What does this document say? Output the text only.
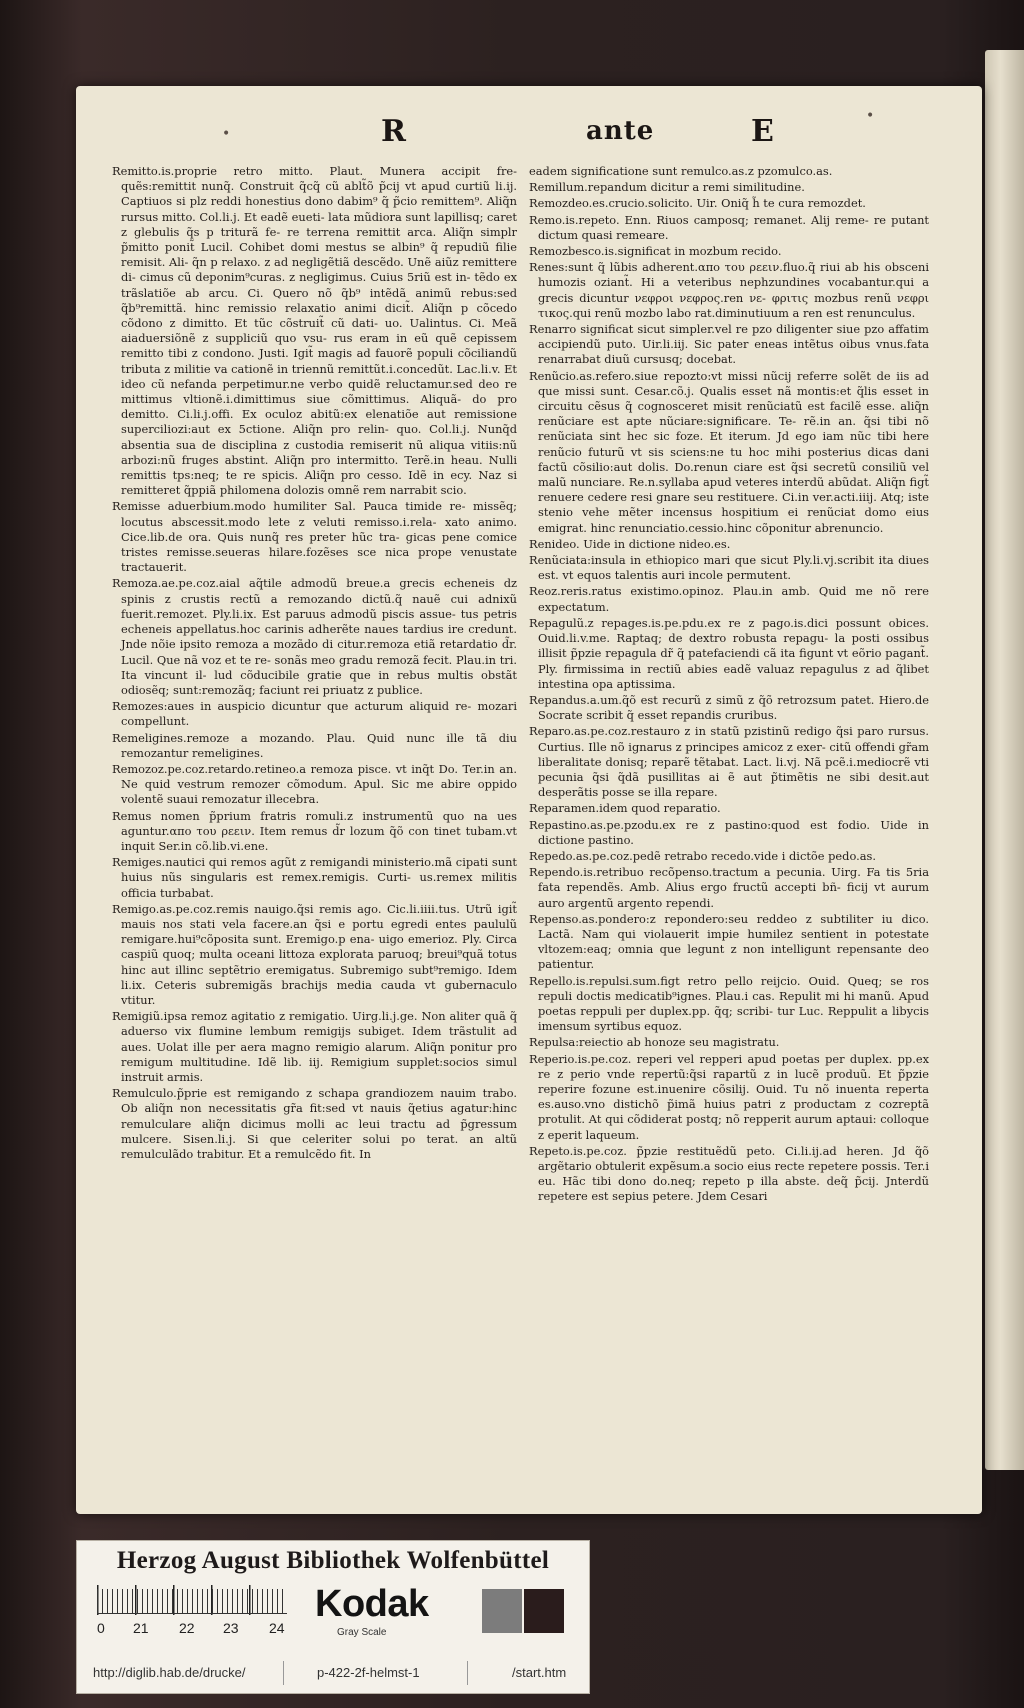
•
•
R	ante	E

Remitto.is.proprie retro mitto. Plaut. Munera accipit fre- quẽs:remittit nunq̃. Construit q̃cq̃ cũ ablt̃õ p̃cij vt apud curtiũ li.ij. Captiuos si plz reddi honestius dono dabim⁹ q̃ p̃cio remittem⁹. Aliq̃n rursus mitto. Col.li.j. Et eadẽ eueti- lata mũdiora sunt lapillisq; caret z glebulis q̃s p triturã fe- re terrena remittit arca. Aliq̃n simplr p̃mitto ponit̃ Lucil. Cohibet domi mestus se albin⁹ q̃ repudiũ filie remisit. Ali- q̃n p relaxo. z ad negligẽtiã descẽdo. Unẽ aiũz remittere di- cimus cũ deponim⁹curas. z negligimus. Cuius 5riũ est in- tẽdo ex trãslatiõe ab arcu. Ci. Quero nõ q̃b⁹ intẽdã animũ rebus:sed q̃b⁹remittã. hinc remissio relaxatio animi dicit̃. Aliq̃n p cõcedo cõdono z dimitto. Et tũc cõstruit̃ cũ dati- uo. Ualintus. Ci. Meã aiaduersiõnẽ z suppliciũ quo vsu- rus eram in eũ quẽ cepissem remitto tibi z condono. Justi. Igit̃ magis ad fauorẽ populi cõciliandũ tributa z militie va cationẽ in triennũ remittũt.i.concedũt. Lac.li.v. Et ideo cũ nefanda perpetimur.ne verbo quidẽ reluctamur.sed deo re mittimus vltionẽ.i.dimittimus siue cõmittimus. Aliquã- do pro demitto. Ci.li.j.offi. Ex oculoz abitũ:ex elenatiõe aut remissione superciliozi:aut ex 5ctione. Aliq̃n pro relin- quo. Col.li.j. Nunq̃d absentia sua de disciplina z custodia remiserit nũ aliqua vitiis:nũ arbozi:nũ fruges abstint. Aliq̃n pro intermitto. Terẽ.in heau. Nulli remittis tps:neq; te re spicis. Aliq̃n pro cesso. Idẽ in ecy. Naz si remitteret q̃ppiã philomena dolozis omnẽ rem narrabit scio.

Remisse aduerbium.modo humiliter Sal. Pauca timide re- missẽq; locutus abscessit.modo lete z veluti remisso.i.rela- xato animo. Cice.lib.de ora. Quis nunq̃ res preter hũc tra- gicas pene comice tristes remisse.seueras hilare.fozẽses sce nica prope venustate tractauerit.

Remoza.ae.pe.coz.aial aq̃tile admodũ breue.a grecis echeneis dz spinis z crustis rectũ a remozando dictũ.q̃ nauẽ cui adnixũ fuerit.remozet. Ply.li.ix. Est paruus admodũ piscis assue- tus petris echeneis appellatus.hoc carinis adherẽte naues tardius ire credunt. Jnde nõie ipsito remoza a mozãdo di citur.remoza etiã retardatio d̃r. Lucil. Que nã voz et te re- sonãs meo gradu remozã fecit. Plau.in tri. Ita vincunt il- lud cõducibile gratie que in rebus multis obstãt odiosẽq; sunt:remozãq; faciunt rei priuatz z publice.

Remozes:aues in auspicio dicuntur que acturum aliquid re- mozari compellunt.

Remeligines.remoze a mozando. Plau. Quid nunc ille tã diu remozantur remeligines.

Remozoz.pe.coz.retardo.retineo.a remoza pisce. vt inq̃t Do. Ter.in an. Ne quid vestrum remozer cõmodum. Apul. Sic me abire oppido volentẽ suaui remozatur illecebra.

Remus nomen p̃prium fratris romuli.z instrumentũ quo na ues aguntur.απο του ρεειν. Item remus d̃r lozum q̃õ con tinet tubam.vt inquit Ser.in cõ.lib.vi.ene.

Remiges.nautici qui remos agũt z remigandi ministerio.mã cipati sunt huius nũs singularis est remex.remigis. Curti- us.remex militis officia turbabat.

Remigo.as.pe.coz.remis nauigo.q̃si remis ago. Cic.li.iiii.tus. Utrũ igit̃ mauis nos stati vela facere.an q̃si e portu egredi entes paululũ remigare.hui⁹cõposita sunt. Eremigo.p ena- uigo emerioz. Ply. Circa caspiũ quoq; multa oceani littoza explorata paruoq; breui⁹quã totus hinc aut illinc septẽtrio eremigatus. Subremigo subt⁹remigo. Idem li.ix. Ceteris subremigãs brachijs media cauda vt gubernaculo vtitur.

Remigiũ.ipsa remoz agitatio z remigatio. Uirg.li.j.ge. Non aliter quã q̃ aduerso vix flumine lembum remigijs subiget. Idem trãstulit ad aues. Uolat ille per aera magno remigio alarum. Aliq̃n ponitur pro remigum multitudine. Idẽ lib. iij. Remigium supplet:socios simul instruit armis.

Remulculo.p̃prie est remigando z schapa grandiozem nauim trabo. Ob aliq̃n non necessitatis gr̃a fit:sed vt nauis q̃etius agatur:hinc remulculare aliq̃n dicimus molli ac leui tractu ad p̃gressum mulcere. Sisen.li.j. Si que celeriter solui po terat. an altũ remulculãdo trabitur. Et a remulcẽdo fit. In

eadem significatione sunt remulco.as.z pzomulco.as.

Remillum.repandum dicitur a remi similitudine.

Remozdeo.es.crucio.solicito. Uir. Oniq̃ h̃ te cura remozdet.

Remo.is.repeto. Enn. Riuos camposq; remanet. Alij reme- re putant dictum quasi remeare.

Remozbesco.is.significat in mozbum recido.

Renes:sunt q̃ lũbis adherent.απο του ρεειν.fluo.q̃ riui ab his obsceni humozis oziant̃. Hi a veteribus nephzundines vocabantur.qui a grecis dicuntur νεφροι νεφρος.ren νε- φριτις mozbus renũ νεφρι τικος.qui renũ mozbo labo rat.diminutiuum a ren est renunculus.

Renarro significat sicut simpler.vel re pzo diligenter siue pzo affatim accipiendũ puto. Uir.li.iij. Sic pater eneas intẽtus oibus vnus.fata renarrabat diuũ cursusq; docebat.

Renũcio.as.refero.siue repozto:vt missi nũcij referre solẽt de iis ad que missi sunt. Cesar.cõ.j. Qualis esset nã montis:et q̃lis esset in circuitu cẽsus q̃ cognosceret misit renũciatũ est facilẽ esse. aliq̃n renũciare est apte nũciare:significare. Te- rẽ.in an. q̃si tibi nõ renũciata sint hec sic foze. Et iterum. Jd ego iam nũc tibi here renũcio futurũ vt sis sciens:ne tu hoc mihi posterius dicas dani factũ cõsilio:aut dolis. Do.renun ciare est q̃si secretũ consiliũ vel malũ nunciare. Re.n.syllaba apud veteres interdũ abũdat. Aliq̃n figt̃ renuere cedere resi gnare seu restituere. Ci.in ver.acti.iiij. Atq; iste stenio vehe mẽter incensus hospitium ei renũciat domo eius emigrat. hinc renunciatio.cessio.hinc cõponitur abrenuncio.

Renideo. Uide in dictione nideo.es.

Renũciata:insula in ethiopico mari que sicut Ply.li.vj.scribit ita diues est. vt equos talentis auri incole permutent.

Reoz.reris.ratus existimo.opinoz. Plau.in amb. Quid me nõ rere expectatum.

Repagulũ.z repages.is.pe.pdu.ex re z pago.is.dici possunt obices. Ouid.li.v.me. Raptaq; de dextro robusta repagu- la posti ossibus illisit p̃pzie repagula dr̃ q̃ patefaciendi cã ita figunt vt eõrio pagant̃. Ply. firmissima in rectiũ abies eadẽ valuaz repagulus z ad q̃libet intestina opa aptissima.

Repandus.a.um.q̃õ est recurũ z simũ z q̃õ retrozsum patet. Hiero.de Socrate scribit q̃ esset repandis cruribus.

Reparo.as.pe.coz.restauro z in statũ pzistinũ redigo q̃si paro rursus. Curtius. Ille nõ ignarus z principes amicoz z exer- citũ offendi gr̃am liberalitate donisq; reparẽ tẽtabat. Lact. li.vj. Nã pcẽ.i.mediocrẽ vti pecunia q̃si q̃dã pusillitas ai ẽ aut p̃timẽtis ne sibi desit.aut desperãtis posse se illa repare.

Reparamen.idem quod reparatio.

Repastino.as.pe.pzodu.ex re z pastino:quod est fodio. Uide in dictione pastino.

Repedo.as.pe.coz.pedẽ retrabo recedo.vide i dictõe pedo.as.

Rependo.is.retribuo recõpenso.tractum a pecunia. Uirg. Fa tis 5ria fata rependẽs. Amb. Alius ergo fructũ accepti bñ- ficij vt aurum auro argentũ argento rependi.

Repenso.as.pondero:z repondero:seu reddeo z subtiliter iu dico. Lactã. Nam qui violauerit impie humilez sentient in potestate vltozem:eaq; omnia que legunt z non intelligunt repensante deo patientur.

Repello.is.repulsi.sum.figt retro pello reijcio. Ouid. Queq; se ros repuli doctis medicatib⁹ignes. Plau.i cas. Repulit mi hi manũ. Apud poetas reppuli per duplex.pp. q̃q; scribi- tur Luc. Reppulit a libycis imensum syrtibus equoz.

Repulsa:reiectio ab honoze seu magistratu.

Reperio.is.pe.coz. reperi vel repperi apud poetas per duplex. pp.ex re z perio vnde repertũ:q̃si rapartũ z in lucẽ produũ. Et p̃pzie reperire fozune est.inuenire cõsilij. Ouid. Tu nõ inuenta reperta es.auso.vno distichõ p̃imã huius patri z productam z cozreptã protulit. At qui cõdiderat postq; nõ repperit aurum aptaui: colloque z eperit laqueum.

Repeto.is.pe.coz. p̃pzie restituẽdũ peto. Ci.li.ij.ad heren. Jd q̃õ argẽtario obtulerit expẽsum.a socio eius recte repetere possis. Ter.i eu. Hãc tibi dono do.neq; repeto p illa abste. deq̃ p̃cij. Jnterdũ repetere est sepius petere. Jdem Cesari

Herzog August Bibliothek Wolfenbüttel
0 21 22 23 24
Kodak
Gray Scale
http://diglib.hab.de/drucke/	p-422-2f-helmst-1	/start.htm
